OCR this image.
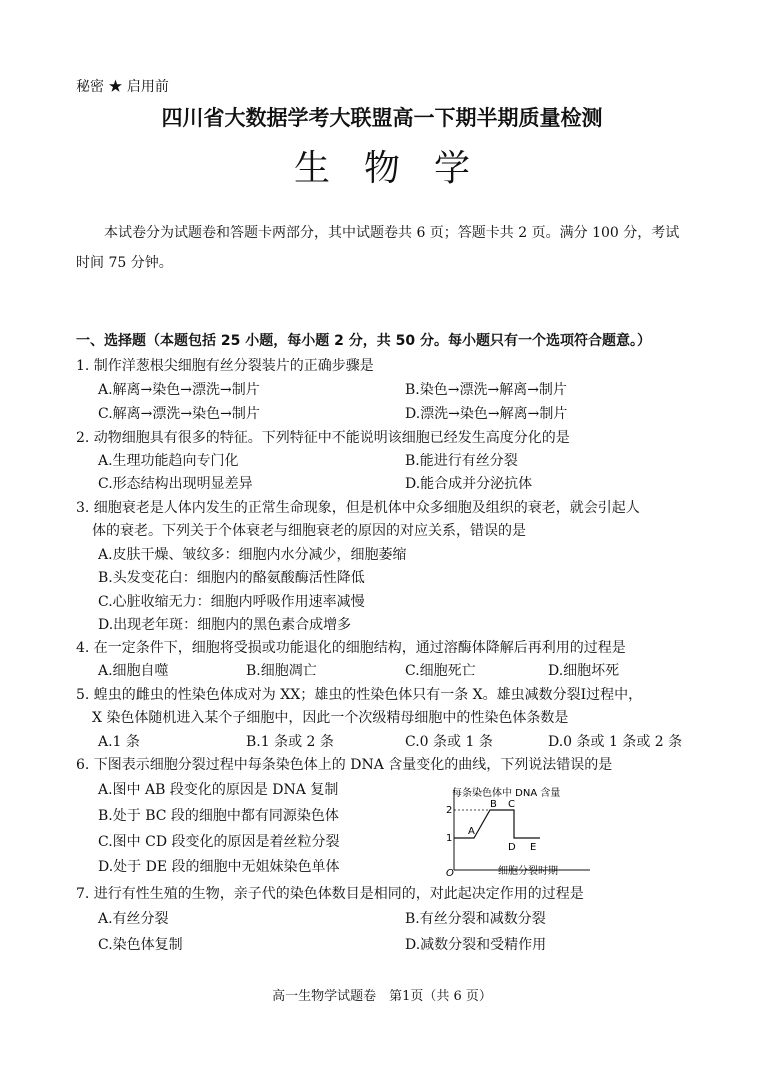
秘密 ★ 启用前
四川省大数据学考大联盟高一下期半期质量检测
生物学
本试卷分为试题卷和答题卡两部分，其中试题卷共 6 页；答题卡共 2 页。满分 100 分，考试时间 75 分钟。
一、选择题（本题包括 25 小题，每小题 2 分，共 50 分。每小题只有一个选项符合题意。）
1. 制作洋葱根尖细胞有丝分裂装片的正确步骤是
A.解离→染色→漂洗→制片	B.染色→漂洗→解离→制片
C.解离→漂洗→染色→制片	D.漂洗→染色→解离→制片
2. 动物细胞具有很多的特征。下列特征中不能说明该细胞已经发生高度分化的是
A.生理功能趋向专门化	B.能进行有丝分裂
C.形态结构出现明显差异	D.能合成并分泌抗体
3. 细胞衰老是人体内发生的正常生命现象，但是机体中众多细胞及组织的衰老，就会引起人
体的衰老。下列关于个体衰老与细胞衰老的原因的对应关系，错误的是
A.皮肤干燥、皱纹多：细胞内水分减少，细胞萎缩
B.头发变花白：细胞内的酪氨酸酶活性降低
C.心脏收缩无力：细胞内呼吸作用速率减慢
D.出现老年斑：细胞内的黑色素合成增多
4. 在一定条件下，细胞将受损或功能退化的细胞结构，通过溶酶体降解后再利用的过程是
A.细胞自噬	B.细胞凋亡	C.细胞死亡	D.细胞坏死
5. 蝗虫的雌虫的性染色体成对为 XX；雄虫的性染色体只有一条 X。雄虫减数分裂Ⅰ过程中，
X 染色体随机进入某个子细胞中，因此一个次级精母细胞中的性染色体条数是
A.1 条	B.1 条或 2 条	C.0 条或 1 条	D.0 条或 1 条或 2 条
6. 下图表示细胞分裂过程中每条染色体上的 DNA 含量变化的曲线，下列说法错误的是
A.图中 AB 段变化的原因是 DNA 复制
B.处于 BC 段的细胞中都有同源染色体
C.图中 CD 段变化的原因是着丝粒分裂
D.处于 DE 段的细胞中无姐妹染色单体
每条染色体中 DNA 含量
2
1
O
A
B C
D E
细胞分裂时期
7. 进行有性生殖的生物，亲子代的染色体数目是相同的，对此起决定作用的过程是
A.有丝分裂	B.有丝分裂和减数分裂
C.染色体复制	D.减数分裂和受精作用
高一生物学试题卷　第1页（共 6 页）
